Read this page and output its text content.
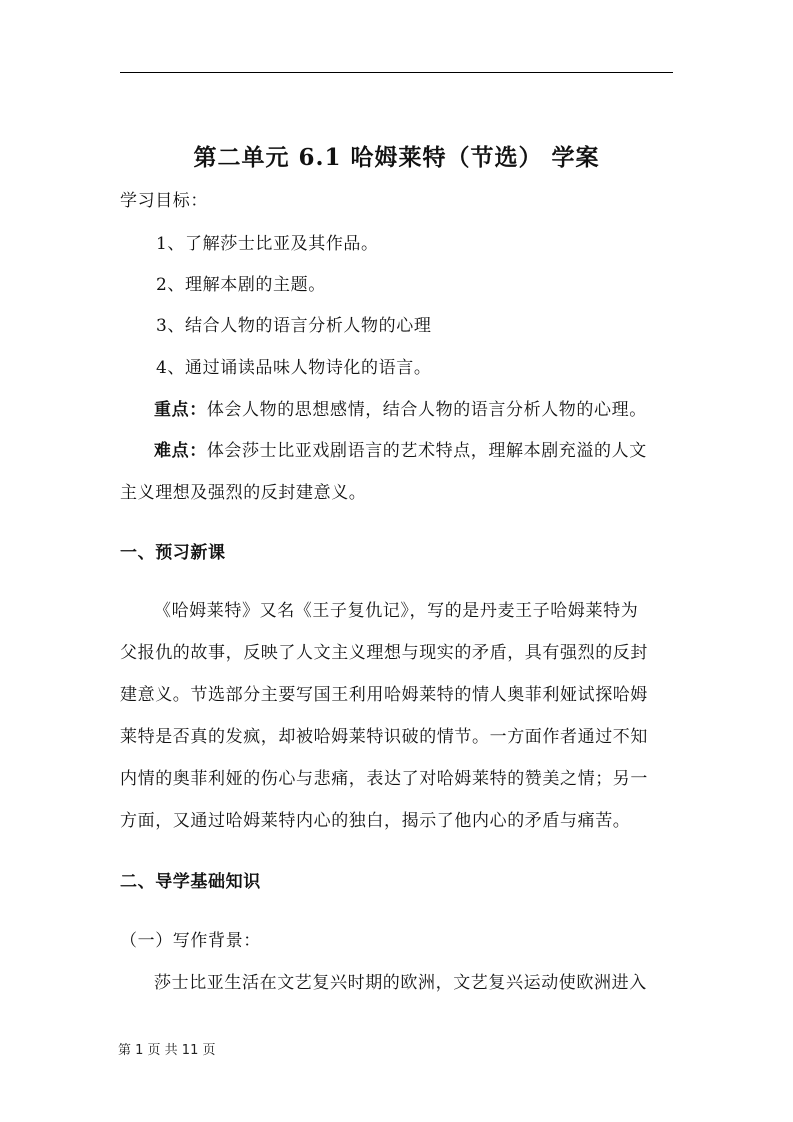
第二单元 6.1 哈姆莱特（节选） 学案
学习目标：
1、了解莎士比亚及其作品。
2、理解本剧的主题。
3、结合人物的语言分析人物的心理
4、通过诵读品味人物诗化的语言。
重点：体会人物的思想感情，结合人物的语言分析人物的心理。
难点：体会莎士比亚戏剧语言的艺术特点，理解本剧充溢的人文
主义理想及强烈的反封建意义。
一、预习新课
《哈姆莱特》又名《王子复仇记》，写的是丹麦王子哈姆莱特为
父报仇的故事，反映了人文主义理想与现实的矛盾，具有强烈的反封
建意义。节选部分主要写国王利用哈姆莱特的情人奥菲利娅试探哈姆
莱特是否真的发疯，却被哈姆莱特识破的情节。一方面作者通过不知
内情的奥菲利娅的伤心与悲痛，表达了对哈姆莱特的赞美之情；另一
方面，又通过哈姆莱特内心的独白，揭示了他内心的矛盾与痛苦。
二、导学基础知识
（一）写作背景：
莎士比亚生活在文艺复兴时期的欧洲，文艺复兴运动使欧洲进入
第 1 页 共 11 页
